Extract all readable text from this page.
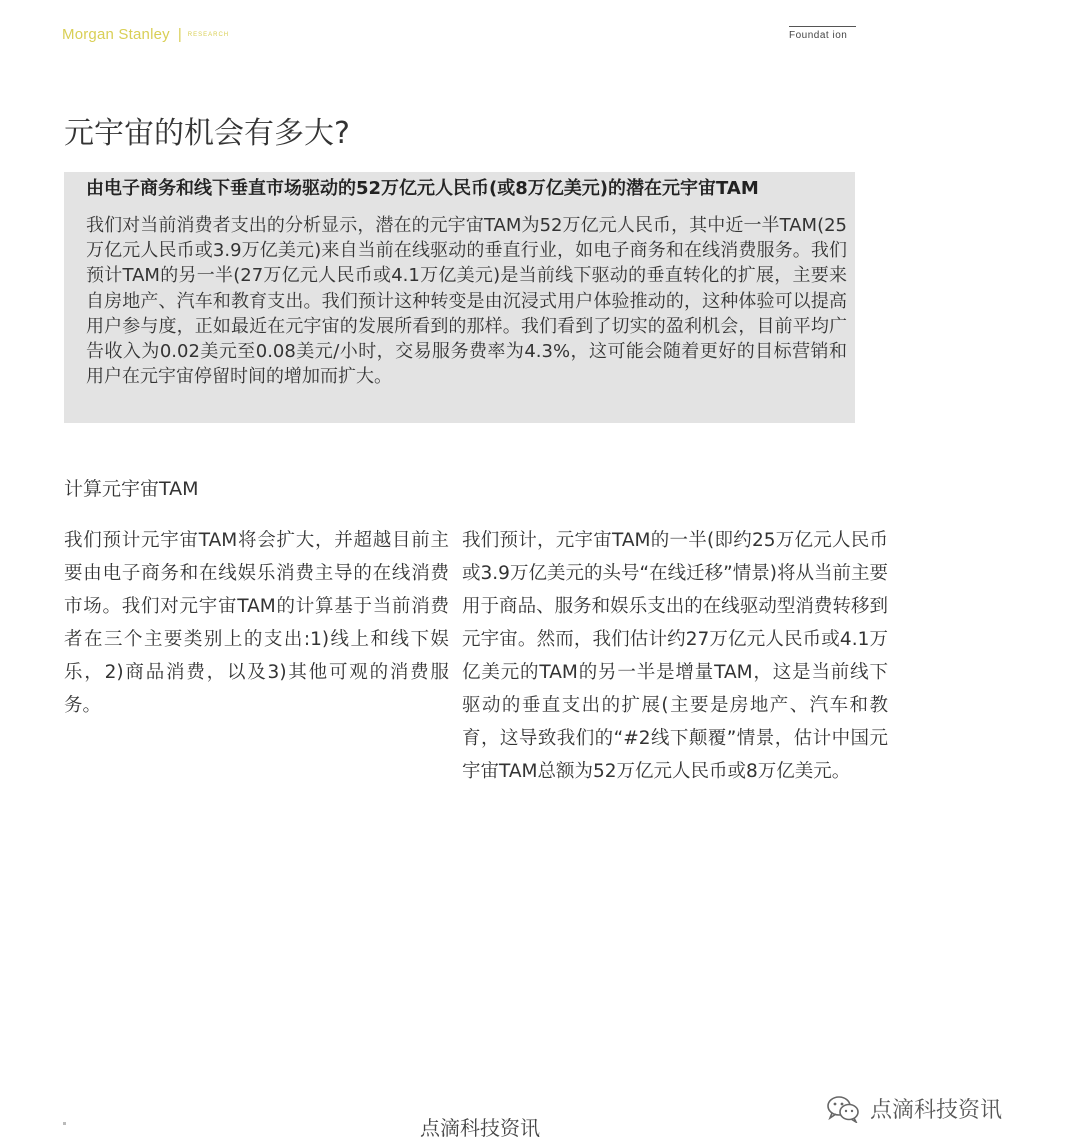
Morgan Stanley | RESEARCH	Foundat ion
元宇宙的机会有多大?
由电子商务和线下垂直市场驱动的52万亿元人民币(或8万亿美元)的潜在元宇宙TAM

我们对当前消费者支出的分析显示，潜在的元宇宙TAM为52万亿元人民币，其中近一半TAM(25万亿元人民币或3.9万亿美元)来自当前在线驱动的垂直行业，如电子商务和在线消费服务。我们预计TAM的另一半(27万亿元人民币或4.1万亿美元)是当前线下驱动的垂直转化的扩展，主要来自房地产、汽车和教育支出。我们预计这种转变是由沉浸式用户体验推动的，这种体验可以提高用户参与度，正如最近在元宇宙的发展所看到的那样。我们看到了切实的盈利机会，目前平均广告收入为0.02美元至0.08美元/小时，交易服务费率为4.3%，这可能会随着更好的目标营销和用户在元宇宙停留时间的增加而扩大。

计算元宇宙TAM

我们预计元宇宙TAM将会扩大，并超越目前主要由电子商务和在线娱乐消费主导的在线消费市场。我们对元宇宙TAM的计算基于当前消费者在三个主要类别上的支出:1)线上和线下娱乐，2)商品消费，以及3)其他可观的消费服务。

我们预计，元宇宙TAM的一半(即约25万亿元人民币或3.9万亿美元的头号“在线迁移”情景)将从当前主要用于商品、服务和娱乐支出的在线驱动型消费转移到元宇宙。然而，我们估计约27万亿元人民币或4.1万亿美元的TAM的另一半是增量TAM，这是当前线下驱动的垂直支出的扩展(主要是房地产、汽车和教育，这导致我们的“#2线下颠覆”情景，估计中国元宇宙TAM总额为52万亿元人民币或8万亿美元。

点滴科技资讯
点滴科技资讯
